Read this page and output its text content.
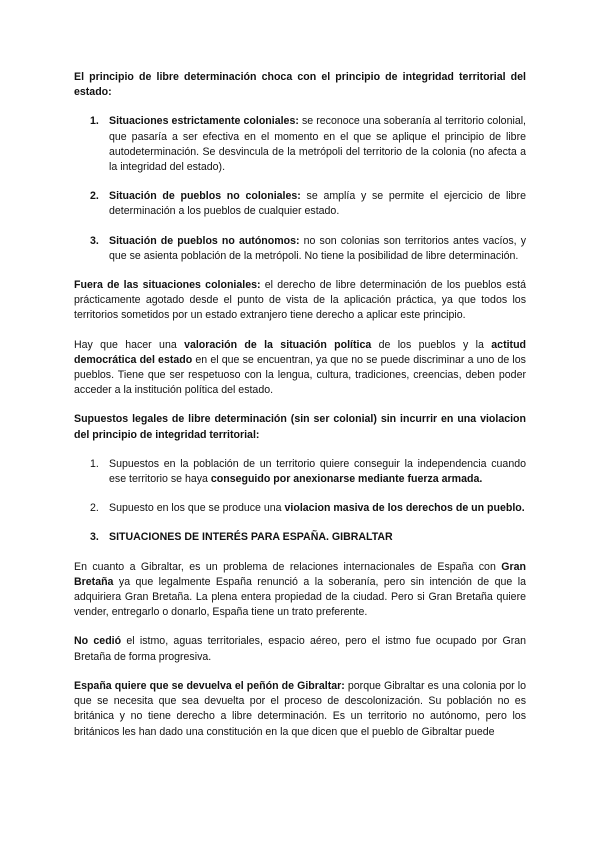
El principio de libre determinación choca con el principio de integridad territorial del estado:

1. Situaciones estrictamente coloniales: se reconoce una soberanía al territorio colonial, que pasaría a ser efectiva en el momento en el que se aplique el principio de libre autodeterminación. Se desvincula de la metrópoli del territorio de la colonia (no afecta a la integridad del estado).
2. Situación de pueblos no coloniales: se amplía y se permite el ejercicio de libre determinación a los pueblos de cualquier estado.
3. Situación de pueblos no autónomos: no son colonias son territorios antes vacíos, y que se asienta población de la metrópoli. No tiene la posibilidad de libre determinación.

Fuera de las situaciones coloniales: el derecho de libre determinación de los pueblos está prácticamente agotado desde el punto de vista de la aplicación práctica, ya que todos los territorios sometidos por un estado extranjero tiene derecho a aplicar este principio.

Hay que hacer una valoración de la situación política de los pueblos y la actitud democrática del estado en el que se encuentran, ya que no se puede discriminar a uno de los pueblos. Tiene que ser respetuoso con la lengua, cultura, tradiciones, creencias, deben poder acceder a la institución política del estado.

Supuestos legales de libre determinación (sin ser colonial) sin incurrir en una violacion del principio de integridad territorial:

1. Supuestos en la población de un territorio quiere conseguir la independencia cuando ese territorio se haya conseguido por anexionarse mediante fuerza armada.
2. Supuesto en los que se produce una violacion masiva de los derechos de un pueblo.
3. SITUACIONES DE INTERÉS PARA ESPAÑA. GIBRALTAR

En cuanto a Gibraltar, es un problema de relaciones internacionales de España con Gran Bretaña ya que legalmente España renunció a la soberanía, pero sin intención de que la adquiriera Gran Bretaña. La plena entera propiedad de la ciudad. Pero si Gran Bretaña quiere vender, entregarlo o donarlo, España tiene un trato preferente.

No cedió el istmo, aguas territoriales, espacio aéreo, pero el istmo fue ocupado por Gran Bretaña de forma progresiva.

España quiere que se devuelva el peñón de Gibraltar: porque Gibraltar es una colonia por lo que se necesita que sea devuelta por el proceso de descolonización. Su población no es británica y no tiene derecho a libre determinación. Es un territorio no autónomo, pero los británicos les han dado una constitución en la que dicen que el pueblo de Gibraltar puede
